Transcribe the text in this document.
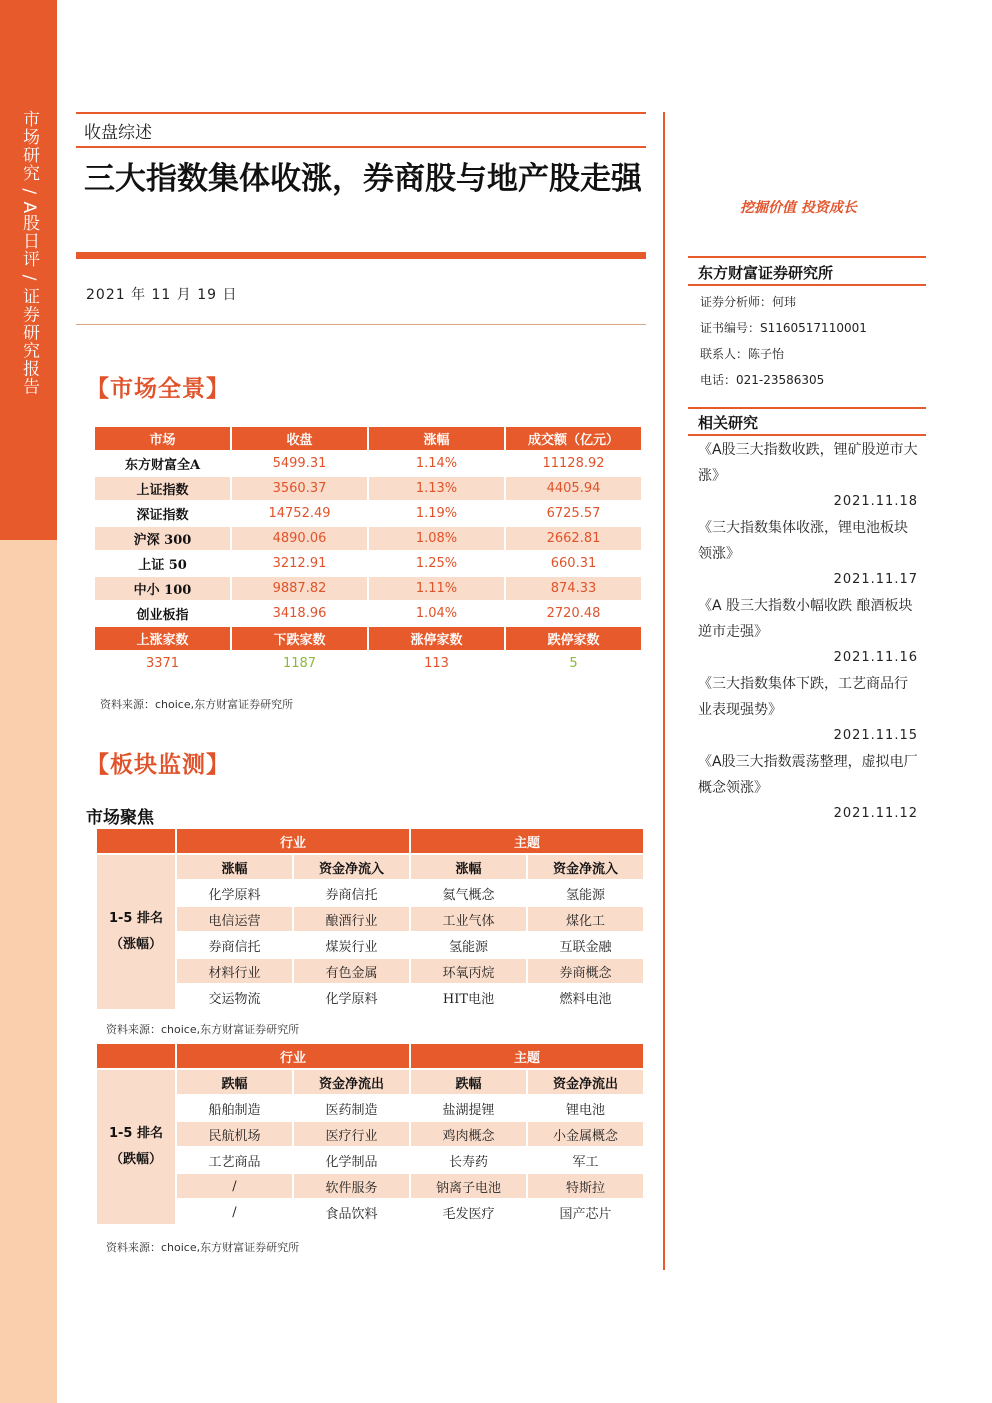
市场研究 / A股日评 / 证券研究报告	收盘综述
三大指数集体收涨，券商股与地产股走强
2021 年 11 月 19 日
【市场全景】
市场	收盘	涨幅	成交额（亿元）
东方财富全A	5499.31	1.14%	11128.92
上证指数	3560.37	1.13%	4405.94
深证指数	14752.49	1.19%	6725.57
沪深 300	4890.06	1.08%	2662.81
上证 50	3212.91	1.25%	660.31
中小 100	9887.82	1.11%	874.33
创业板指	3418.96	1.04%	2720.48
上涨家数	下跌家数	涨停家数	跌停家数
3371	1187	113	5
资料来源：choice,东方财富证券研究所
【板块监测】
市场聚焦
	行业		主题	

1-5 排名
（涨幅）	涨幅	资金净流入	涨幅	资金净流入
	化学原料	券商信托	氦气概念	氢能源
	电信运营	酿酒行业	工业气体	煤化工
	券商信托	煤炭行业	氢能源	互联金融
	材料行业	有色金属	环氧丙烷	券商概念
	交运物流	化学原料	HIT电池	燃料电池
资料来源：choice,东方财富证券研究所
	行业		主题	

1-5 排名
（跌幅）	跌幅	资金净流出	跌幅	资金净流出
	船舶制造	医药制造	盐湖提锂	锂电池
	民航机场	医疗行业	鸡肉概念	小金属概念
	工艺商品	化学制品	长寿药	军工
	/	软件服务	钠离子电池	特斯拉
	/	食品饮料	毛发医疗	国产芯片
资料来源：choice,东方财富证券研究所
挖掘价值 投资成长
东方财富证券研究所
证券分析师：何玮
证书编号：S1160517110001
联系人：陈子怡
电话：021-23586305
相关研究
《A股三大指数收跌，锂矿股逆市大涨》
2021.11.18
《三大指数集体收涨，锂电池板块领涨》
2021.11.17
《A 股三大指数小幅收跌 酿酒板块逆市走强》
2021.11.16
《三大指数集体下跌，工艺商品行业表现强势》
2021.11.15
《A股三大指数震荡整理，虚拟电厂概念领涨》
2021.11.12
